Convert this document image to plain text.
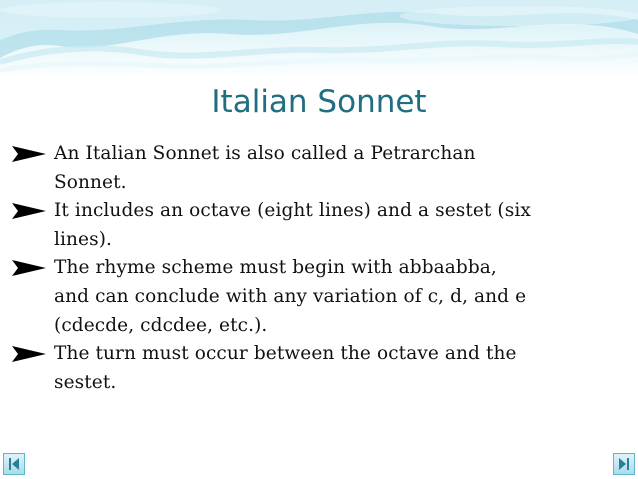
Italian Sonnet
An Italian Sonnet is also called a Petrarchan
Sonnet.
It includes an octave (eight lines) and a sestet (six
lines).
The rhyme scheme must begin with abbaabba,
and can conclude with any variation of c, d, and e
(cdecde, cdcdee, etc.).
The turn must occur between the octave and the
sestet.
